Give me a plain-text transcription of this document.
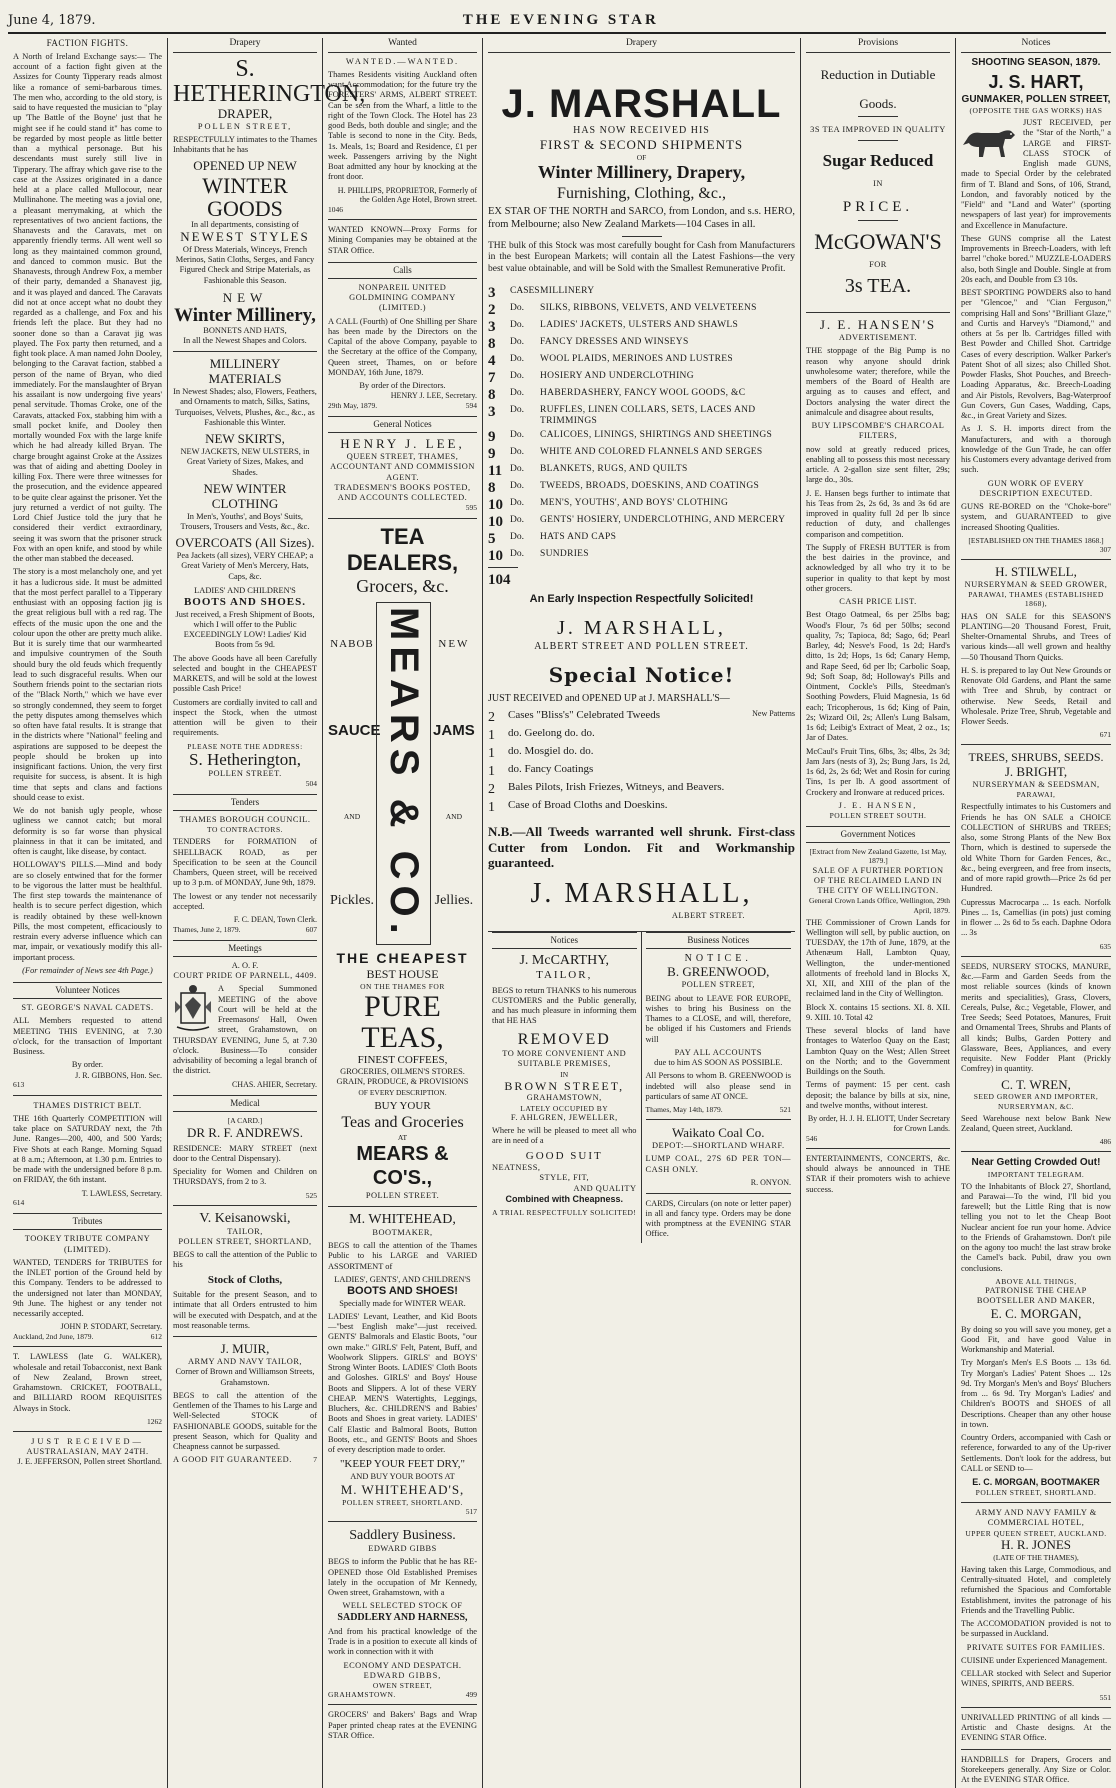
June 4, 1879.	THE EVENING STAR
FACTION FIGHTS.
A North of Ireland Exchange says:— The account of a faction fight given at the Assizes for County Tipperary reads almost like a romance of semi-barbarous times. The men who, according to the old story, is said to have requested the musician to "play up 'The Battle of the Boyne' just that he might see if he could stand it" has come to be regarded by most people as little better than a mythical personage. But his descendants must surely still live in Tipperary. The affray which gave rise to the case at the Assizes originated in a dance held at a place called Mullocour, near Mullinahone. The meeting was a jovial one, a pleasant merrymaking, at which the representatives of two ancient factions, the Shanavests and the Caravats, met on apparently friendly terms. All went well so long as they maintained common ground, and danced to common music. But the Shanavests, through Andrew Fox, a member of their party, demanded a Shanavest jig, and it was played and danced. The Caravats did not at once accept what no doubt they regarded as a challenge, and Fox and his friends left the place. But they had no sooner done so than a Caravat jig was played. The Fox party then returned, and a fight took place. A man named John Dooley, belonging to the Caravat faction, stabbed a person of the name of Bryan, who died immediately. For the manslaughter of Bryan his assailant is now undergoing five years' penal servitude. Thomas Croke, one of the Caravats, attacked Fox, stabbing him with a small pocket knife, and Dooley then mortally wounded Fox with the large knife which he had already killed Bryan. The charge brought against Croke at the Assizes was that of aiding and abetting Dooley in killing Fox. There were three witnesses for the prosecution, and the evidence appeared to be quite clear against the prisoner. Yet the jury returned a verdict of not guilty. The Lord Chief Justice told the jury that he considered their verdict extraordinary, seeing it was sworn that the prisoner struck Fox with an open knife, and stood by while the other man stabbed the deceased.
The story is a most melancholy one, and yet it has a ludicrous side. It must be admitted that the most perfect parallel to a Tipperary enthusiast with an opposing faction jig is the great religious bull with a red rag. The effects of the music upon the one and the colour upon the other are pretty much alike. But it is surely time that our warmhearted and impulsive countrymen of the South should bury the old feuds which frequently lead to such disgraceful results. When our Southern friends point to the sectarian riots of the "Black North," which we have ever so strongly condemned, they seem to forget the petty disputes among themselves which so often have fatal results. It is strange that in the districts where "National" feeling and aspirations are supposed to be deepest the people should be broken up into insignificant factions. Union, the very first requisite for success, is absent. It is high time that septs and clans and factions should cease to exist.
We do not banish ugly people, whose ugliness we cannot catch; but moral deformity is so far worse than physical plainness in that it can be imitated, and often is caught, like disease, by contact.
HOLLOWAY'S PILLS.—Mind and body are so closely entwined that for the former to be vigorous the latter must be healthful. The first step towards the maintenance of health is to secure perfect digestion, which is readily obtained by these well-known Pills, the most competent, efficaciously to restrain every adverse influence which can mar, impair, or vexatiously modify this all-important process.
(For remainder of News see 4th Page.)
Volunteer Notices
ST. GEORGE'S NAVAL CADETS.
ALL Members requested to attend MEETING THIS EVENING, at 7.30 o'clock, for the transaction of Important Business.
By order.
J. R. GIBBONS, Hon. Sec.
613
THAMES DISTRICT BELT.
THE 16th Quarterly COMPETITION will take place on SATURDAY next, the 7th June. Ranges—200, 400, and 500 Yards; Five Shots at each Range. Morning Squad at 8 a.m.; Afternoon, at 1.30 p.m. Entries to be made with the undersigned before 8 p.m. on FRIDAY, the 6th instant.
T. LAWLESS, Secretary.
614
Tributes
TOOKEY TRIBUTE COMPANY (LIMITED).
WANTED, TENDERS for TRIBUTES for the INLET portion of the Ground held by this Company. Tenders to be addressed to the undersigned not later than MONDAY, 9th June. The highest or any tender not necessarily accepted.
JOHN P. STODART, Secretary.
Auckland, 2nd June, 1879.	612
T. LAWLESS (late G. WALKER), wholesale and retail Tobacconist, next Bank of New Zealand, Brown street, Grahamstown. CRICKET, FOOTBALL, and BILLIARD ROOM REQUISITES Always in Stock.
1262
JUST RECEIVED—
AUSTRALASIAN, MAY 24TH.
J. E. JEFFERSON, Pollen street Shortland.
Drapery
S. HETHERINGTON,
DRAPER,
POLLEN STREET,
RESPECTFULLY intimates to the Thames Inhabitants that he has
OPENED UP NEW
WINTER GOODS
In all departments, consisting of
NEWEST STYLES
Of Dress Materials, Winceys, French Merinos, Satin Cloths, Serges, and Fancy Figured Check and Stripe Materials, as Fashionable this Season.
NEW
Winter Millinery,
BONNETS AND HATS,
In all the Newest Shapes and Colors.
MILLINERY MATERIALS
In Newest Shades; also, Flowers, Feathers, and Ornaments to match, Silks, Satins, Turquoises, Velvets, Plushes, &c., &c., as Fashionable this Winter.
NEW SKIRTS,
NEW JACKETS, NEW ULSTERS, in Great Variety of Sizes, Makes, and Shades.
NEW WINTER CLOTHING
In Men's, Youths', and Boys' Suits, Trousers, Trousers and Vests, &c., &c.
OVERCOATS (All Sizes).
Pea Jackets (all sizes), VERY CHEAP; a Great Variety of Men's Mercery, Hats, Caps, &c.
LADIES' AND CHILDREN'S
BOOTS AND SHOES.
Just received, a Fresh Shipment of Boots, which I will offer to the Public EXCEEDINGLY LOW! Ladies' Kid Boots from 5s 9d.
The above Goods have all been Carefully selected and bought in the CHEAPEST MARKETS, and will be sold at the lowest possible Cash Price!
Customers are cordially invited to call and inspect the Stock, when the utmost attention will be given to their requirements.
PLEASE NOTE THE ADDRESS:
S. Hetherington,
POLLEN STREET.
504
Tenders
THAMES BOROUGH COUNCIL.
TO CONTRACTORS.
TENDERS for FORMATION of SHELLBACK ROAD, as per Specification to be seen at the Council Chambers, Queen street, will be received up to 3 p.m. of MONDAY, June 9th, 1879.
The lowest or any tender not necessarily accepted.
F. C. DEAN, Town Clerk.
Thames, June 2, 1879.	607
Meetings
A. O. F.
COURT PRIDE OF PARNELL, 4409.
A Special Summoned MEETING of the above Court will be held at the Freemasons' Hall, Owen street, Grahamstown, on THURSDAY EVENING, June 5, at 7.30 o'clock. Business—To consider advisability of becoming a legal branch of the district.
CHAS. AHIER, Secretary.
Medical
[A CARD.]
DR R. F. ANDREWS.
RESIDENCE: MARY STREET (next door to the Central Dispensary).
Speciality for Women and Children on THURSDAYS, from 2 to 3.
525
V. Keisanowski,
TAILOR,
POLLEN STREET, SHORTLAND,
BEGS to call the attention of the Public to his
Stock of Cloths,
Suitable for the present Season, and to intimate that all Orders entrusted to him will be executed with Despatch, and at the most reasonable terms.
J. MUIR,
ARMY AND NAVY TAILOR,
Corner of Brown and Williamson Streets, Grahamstown.
BEGS to call the attention of the Gentlemen of the Thames to his Large and Well-Selected STOCK of FASHIONABLE GOODS, suitable for the present Season, which for Quality and Cheapness cannot be surpassed.
A GOOD FIT GUARANTEED.	7
Wanted
WANTED.—WANTED.
Thames Residents visiting Auckland often want Accommodation; for the future try the FORESTERS' ARMS, ALBERT STREET. Can be seen from the Wharf, a little to the right of the Town Clock. The Hotel has 23 good Beds, both double and single; and the Table is second to none in the City. Beds, 1s. Meals, 1s; Board and Residence, £1 per week. Passengers arriving by the Night Boat admitted any hour by knocking at the front door.
H. PHILLIPS, PROPRIETOR, Formerly of the Golden Age Hotel, Brown street.
1046
WANTED KNOWN—Proxy Forms for Mining Companies may be obtained at the STAR Office.
Calls
NONPAREIL UNITED GOLDMINING COMPANY (LIMITED.)
A CALL (Fourth) of One Shilling per Share has been made by the Directors on the Capital of the above Company, payable to the Secretary at the office of the Company, Queen street, Thames, on or before MONDAY, 16th June, 1879.
By order of the Directors.
HENRY J. LEE, Secretary.
29th May, 1879.	594
General Notices
HENRY J. LEE,
QUEEN STREET, THAMES,
ACCOUNTANT AND COMMISSION AGENT.
TRADESMEN'S BOOKS POSTED, AND ACCOUNTS COLLECTED.
595
TEA DEALERS,
Grocers, &c.
NABOB
SAUCE
AND
Pickles. MEARS & CO.	NEW
JAMS
AND
Jellies.
THE CHEAPEST
BEST HOUSE
ON THE THAMES FOR
PURE TEAS,
FINEST COFFEES,
GROCERIES, OILMEN'S STORES.
GRAIN, PRODUCE, & PROVISIONS
OF EVERY DESCRIPTION.
BUY YOUR
Teas and Groceries
AT
MEARS & CO'S.,
POLLEN STREET.
M. WHITEHEAD,
BOOTMAKER,
BEGS to call the attention of the Thames Public to his LARGE and VARIED ASSORTMENT of
LADIES', GENTS', AND CHILDREN'S
BOOTS AND SHOES!
Specially made for WINTER WEAR.
LADIES' Levant, Leather, and Kid Boots—"best English make"—just received. GENTS' Balmorals and Elastic Boots, "our own make." GIRLS' Felt, Patent, Buff, and Woolwork Slippers. GIRLS' and BOYS' Strong Winter Boots. LADIES' Cloth Boots and Goloshes. GIRLS' and Boys' House Boots and Slippers. A lot of these VERY CHEAP. MEN'S Watertights, Leggings, Bluchers, &c. CHILDREN'S and Babies' Boots and Shoes in great variety. LADIES' Calf Elastic and Balmoral Boots, Button Boots, etc., and GENTS' Boots and Shoes of every description made to order.
"KEEP YOUR FEET DRY,"
AND BUY YOUR BOOTS AT
M. WHITEHEAD'S,
POLLEN STREET, SHORTLAND.
517
Saddlery Business.
EDWARD GIBBS
BEGS to inform the Public that he has RE-OPENED those Old Established Premises lately in the occupation of Mr Kennedy, Owen street, Grahamstown, with a
WELL SELECTED STOCK OF
SADDLERY AND HARNESS,
And from his practical knowledge of the Trade is in a position to execute all kinds of work in connection with it with
ECONOMY AND DESPATCH.
EDWARD GIBBS,
OWEN STREET,
GRAHAMSTOWN.	499
GROCERS' and Bakers' Bags and Wrap Paper printed cheap rates at the EVENING STAR Office.
Drapery
J. MARSHALL
HAS NOW RECEIVED HIS
FIRST & SECOND SHIPMENTS
OF
Winter Millinery, Drapery,
Furnishing, Clothing, &c.,
EX STAR OF THE NORTH and SARCO, from London, and s.s. HERO, from Melbourne; also New Zealand Markets—104 Cases in all.
THE bulk of this Stock was most carefully bought for Cash from Manufacturers in the best European Markets; will contain all the Latest Fashions—the very best value obtainable, and will be Sold with the Smallest Remunerative Profit.
3	CASES MILLINERY
2	Do.	SILKS, RIBBONS, VELVETS, AND VELVETEENS
3	Do.	LADIES' JACKETS, ULSTERS AND SHAWLS
8	Do.	FANCY DRESSES AND WINSEYS
4	Do.	WOOL PLAIDS, MERINOES AND LUSTRES
7	Do.	HOSIERY AND UNDERCLOTHING
8	Do.	HABERDASHERY, FANCY WOOL GOODS, &C
3	Do.	RUFFLES, LINEN COLLARS, SETS, LACES AND TRIMMINGS
9	Do.	CALICOES, LININGS, SHIRTINGS AND SHEETINGS
9	Do.	WHITE AND COLORED FLANNELS AND SERGES
11 Do.	BLANKETS, RUGS, AND QUILTS
8	Do.	TWEEDS, BROADS, DOESKINS, AND COATINGS
10 Do.	MEN'S, YOUTHS', AND BOYS' CLOTHING
10 Do.	GENTS' HOSIERY, UNDERCLOTHING, AND MERCERY
5	Do.	HATS AND CAPS
10 Do.	SUNDRIES
104
An Early Inspection Respectfully Solicited!
J. MARSHALL,
ALBERT STREET AND POLLEN STREET.
Special Notice!
JUST RECEIVED and OPENED UP at J. MARSHALL'S—
2	Cases "Bliss's" Celebrated Tweeds	New Patterns
1	do. Geelong do. do.
1	do. Mosgiel do. do.
1	do. Fancy Coatings
2	Bales Pilots, Irish Friezes, Witneys, and Beavers.
1	Case of Broad Cloths and Doeskins.
N.B.—All Tweeds warranted well shrunk. First-class Cutter from London. Fit and Workmanship guaranteed.
J. MARSHALL,
ALBERT STREET.
Notices
J. McCARTHY,
TAILOR,
BEGS to return THANKS to his numerous CUSTOMERS and the Public generally, and has much pleasure in informing them that HE HAS
REMOVED
TO MORE CONVENIENT AND SUITABLE PREMISES,
IN
BROWN STREET,
GRAHAMSTOWN,
LATELY OCCUPIED BY
F. AHLGREN, JEWELLER,
Where he will be pleased to meet all who are in need of a
GOOD SUIT
NEATNESS,
STYLE, FIT,
AND QUALITY
Combined with Cheapness.
A TRIAL RESPECTFULLY SOLICITED!
Business Notices
NOTICE.
B. GREENWOOD,
POLLEN STREET,
BEING about to LEAVE FOR EUROPE, wishes to bring his Business on the Thames to a CLOSE, and will, therefore, be obliged if his Customers and Friends will
PAY ALL ACCOUNTS
due to him AS SOON AS POSSIBLE.
All Persons to whom B. GREENWOOD is indebted will also please send in particulars of same AT ONCE.
Thames, May 14th, 1879.	521
Waikato Coal Co.
DEPOT:—SHORTLAND WHARF.
LUMP COAL, 27S 6D PER TON—CASH ONLY.
R. ONYON.
CARDS, Circulars (on note or letter paper) in all and fancy type. Orders may be done with promptness at the EVENING STAR Office.
Provisions
Reduction in Dutiable
Goods.
3S TEA IMPROVED IN QUALITY
Sugar Reduced
IN
PRICE.
McGOWAN'S
FOR
3s TEA.
J. E. HANSEN'S
ADVERTISEMENT.
THE stoppage of the Big Pump is no reason why anyone should drink unwholesome water; therefore, while the members of the Board of Health are arguing as to causes and effect, and Doctors analysing the water direct the animalcule and disagree about results,
BUY LIPSCOMBE'S CHARCOAL FILTERS,
now sold at greatly reduced prices, enabling all to possess this most necessary article. A 2-gallon size sent filter, 29s; large do., 30s.
J. E. Hansen begs further to intimate that his Teas from 2s, 2s 6d, 3s and 3s 6d are improved in quality full 2d per lb since reduction of duty, and challenges comparison and competition.
The Supply of FRESH BUTTER is from the best dairies in the province, and acknowledged by all who try it to be superior in quality to that kept by most other grocers.
CASH PRICE LIST.
Best Otago Oatmeal, 6s per 25lbs bag; Wood's Flour, 7s 6d per 50lbs; second quality, 7s; Tapioca, 8d; Sago, 6d; Pearl Barley, 4d; Nesve's Food, 1s 2d; Hard's ditto, 1s 2d; Hops, 1s 6d; Canary Hemp, and Rape Seed, 6d per lb; Carbolic Soap, 9d; Soft Soap, 8d; Holloway's Pills and Ointment, Cockle's Pills, Steedman's Soothing Powders, Fluid Magnesia, 1s 6d each; Tricopherous, 1s 6d; King of Pain, 2s; Wizard Oil, 2s; Allen's Lung Balsam, 1s 6d; Leibig's Extract of Meat, 2 oz., 1s; Jar of Dates.
McCaul's Fruit Tins, 6lbs, 3s; 4lbs, 2s 3d; Jam Jars (nests of 3), 2s; Bung Jars, 1s 2d, 1s 6d, 2s, 2s 6d; Wet and Rosin for curing Tins, 1s per lb. A good assortment of Crockery and Ironware at reduced prices.
J. E. HANSEN,
POLLEN STREET SOUTH.
Government Notices
[Extract from New Zealand Gazette, 1st May, 1879.]
SALE OF A FURTHER PORTION OF THE RECLAIMED LAND IN THE CITY OF WELLINGTON.
General Crown Lands Office, Wellington, 29th April, 1879.
THE Commissioner of Crown Lands for Wellington will sell, by public auction, on TUESDAY, the 17th of June, 1879, at the Athenæum Hall, Lambton Quay, Wellington, the under-mentioned allotments of freehold land in Blocks X, XI, XII, and XIII of the plan of the reclaimed land in the City of Wellington.
Block X. contains 15 sections. XI. 8. XII. 9. XIII. 10. Total 42
These several blocks of land have frontages to Waterloo Quay on the East; Lambton Quay on the West; Allen Street on the North; and to the Government Buildings on the South.
Terms of payment: 15 per cent. cash deposit; the balance by bills at six, nine, and twelve months, without interest.
By order, H. J. H. ELIOTT, Under Secretary for Crown Lands.
546
ENTERTAINMENTS, CONCERTS, &c. should always be announced in THE STAR if their promoters wish to achieve success.
Notices
SHOOTING SEASON, 1879.
J. S. HART,
GUNMAKER, POLLEN STREET,
(OPPOSITE THE GAS WORKS) HAS
JUST RECEIVED, per the "Star of the North," a LARGE and FIRST-CLASS STOCK of English made GUNS, made to Special Order by the celebrated firm of T. Bland and Sons, of 106, Strand, London, and favorably noticed by the "Field" and "Land and Water" (sporting newspapers of last year) for improvements and Excellence in Manufacture.
These GUNS comprise all the Latest Improvements in Breech-Loaders, with left barrel "choke bored." MUZZLE-LOADERS also, both Single and Double. Single at from 20s each, and Double from £3 10s.
BEST SPORTING POWDERS also to hand per "Glencoe," and "Cian Ferguson," comprising Hall and Sons' "Brilliant Glaze," and Curtis and Harvey's "Diamond," and others at 5s per lb. Cartridges filled with Best Powder and Chilled Shot. Cartridge Cases of every description. Walker Parker's Patent Shot of all sizes; also Chilled Shot. Powder Flasks, Shot Pouches, and Breech-Loading Apparatus, &c. Breech-Loading and Air Pistols, Revolvers, Bag-Waterproof Gun Covers, Gun Cases, Wadding, Caps, &c., in Great Variety and Sizes.
As J. S. H. imports direct from the Manufacturers, and with a thorough knowledge of the Gun Trade, he can offer his Customers every advantage derived from such.
GUN WORK OF EVERY DESCRIPTION EXECUTED.
GUNS RE-BORED on the "Choke-bore" system, and GUARANTEED to give increased Shooting Qualities.
[ESTABLISHED ON THE THAMES 1868.]
307
H. STILWELL,
NURSERYMAN & SEED GROWER,
PARAWAI, THAMES (ESTABLISHED 1868),
HAS ON SALE for this SEASON'S PLANTING—20 Thousand Forest, Fruit, Shelter-Ornamental Shrubs, and Trees of various kinds—all well grown and healthy—50 Thousand Thorn Quicks.
H. S. is prepared to lay Out New Grounds or Renovate Old Gardens, and Plant the same with Tree and Shrub, by contract or otherwise. New Seeds, Retail and Wholesale. Prize Tree, Shrub, Vegetable and Flower Seeds.
671
TREES, SHRUBS, SEEDS.
J. BRIGHT,
NURSERYMAN & SEEDSMAN,
PARAWAI,
Respectfully intimates to his Customers and Friends he has ON SALE a CHOICE COLLECTION of SHRUBS and TREES; also, some Strong Plants of the New Box Thorn, which is destined to supersede the old White Thorn for Garden Fences, &c., &c., being evergreen, and free from insects, and of more rapid growth—Price 2s 6d per Hundred.
Cupressus Macrocarpa ... 1s each. Norfolk Pines ... 1s, Camellias (in pots) just coming in flower ... 2s 6d to 5s each. Daphne Odora ... 3s
635
SEEDS, NURSERY STOCKS, MANURE, &c.—Farm and Garden Seeds from the most reliable sources (kinds of known merits and specialities), Grass, Clovers, Cereals, Pulse, &c.; Vegetable, Flower, and Tree Seeds; Seed Potatoes, Manures, Fruit and Ornamental Trees, Shrubs and Plants of all kinds; Bulbs, Garden Pottery and Glassware, Bees, Appliances, and every requisite. New Fodder Plant (Prickly Comfrey) in quantity.
C. T. WREN,
SEED GROWER AND IMPORTER, NURSERYMAN, &C.
Seed Warehouse next below Bank New Zealand, Queen street, Auckland.
486
Near Getting Crowded Out!
IMPORTANT TELEGRAM.
TO the Inhabitants of Block 27, Shortland, and Parawai—To the wind, I'll bid you farewell; but the Little Ring that is now telling you not to let the Cheap Boot Nuclear ancient foe run your home. Advice to the Friends of Grahamstown. Don't pile on the agony too much! the last straw broke the Camel's back. Pubil, draw you own conclusions.
ABOVE ALL THINGS,
PATRONISE THE CHEAP BOOTSELLER AND MAKER,
E. C. MORGAN,
By doing so you will save you money, get a Good Fit, and have good Value in Workmanship and Material.
Try Morgan's Men's E.S Boots ... 13s 6d. Try Morgan's Ladies' Patent Shoes ... 12s 9d. Try Morgan's Men's and Boys' Bluchers from ... 6s 9d. Try Morgan's Ladies' and Children's BOOTS and SHOES of all Descriptions. Cheaper than any other house in town.
Country Orders, accompanied with Cash or reference, forwarded to any of the Up-river Settlements. Don't look for the address, but CALL or SEND to—
E. C. MORGAN, BOOTMAKER
POLLEN STREET, SHORTLAND.
ARMY AND NAVY FAMILY & COMMERCIAL HOTEL,
UPPER QUEEN STREET, AUCKLAND.
H. R. JONES
(LATE OF THE THAMES),
Having taken this Large, Commodious, and Centrally-situated Hotel, and completely refurnished the Spacious and Comfortable Establishment, invites the patronage of his Friends and the Travelling Public.
The ACCOMODATION provided is not to be surpassed in Auckland.
PRIVATE SUITES FOR FAMILIES.
CUISINE under Experienced Management.
CELLAR stocked with Select and Superior WINES, SPIRITS, AND BEERS.
551
UNRIVALLED PRINTING of all kinds —Artistic and Chaste designs. At the EVENING STAR Office.
HANDBILLS for Drapers, Grocers and Storekeepers generally. Any Size or Color. At the EVENING STAR Office.
